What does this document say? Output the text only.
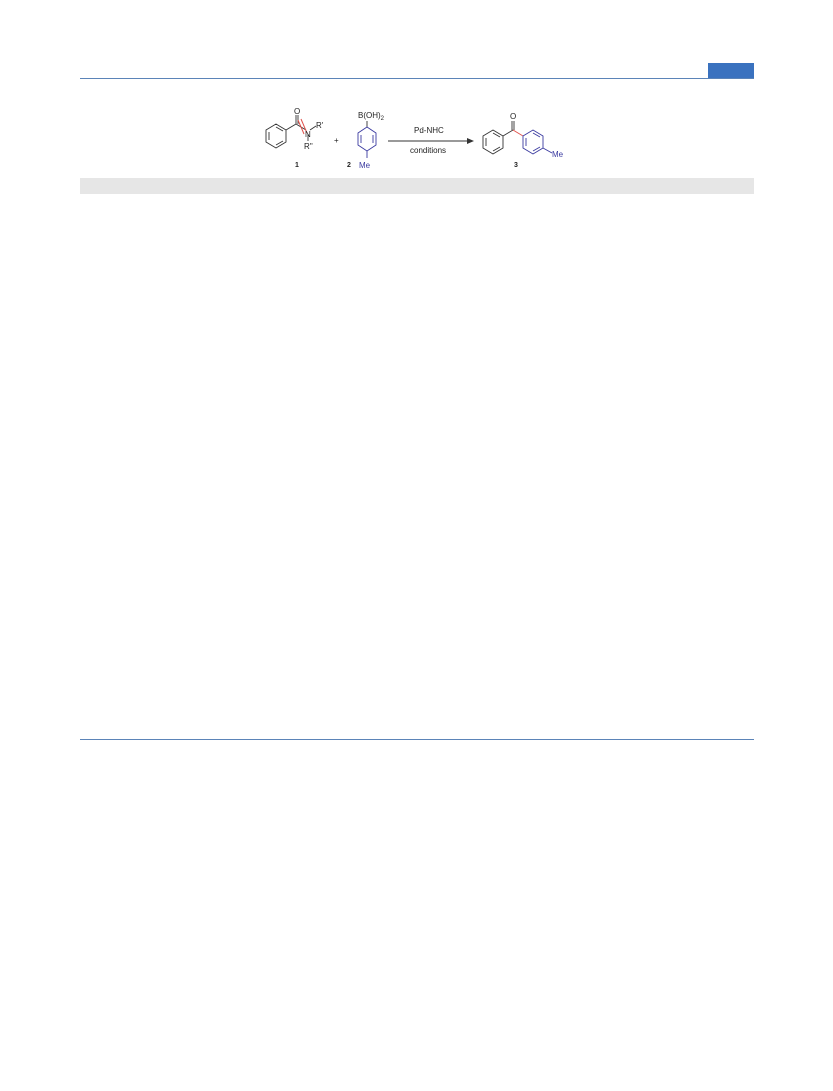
O
N
R'
R''
1
+
$B(OH)_2$
Me
2
Pd-NHC
conditions
O
Me
3
